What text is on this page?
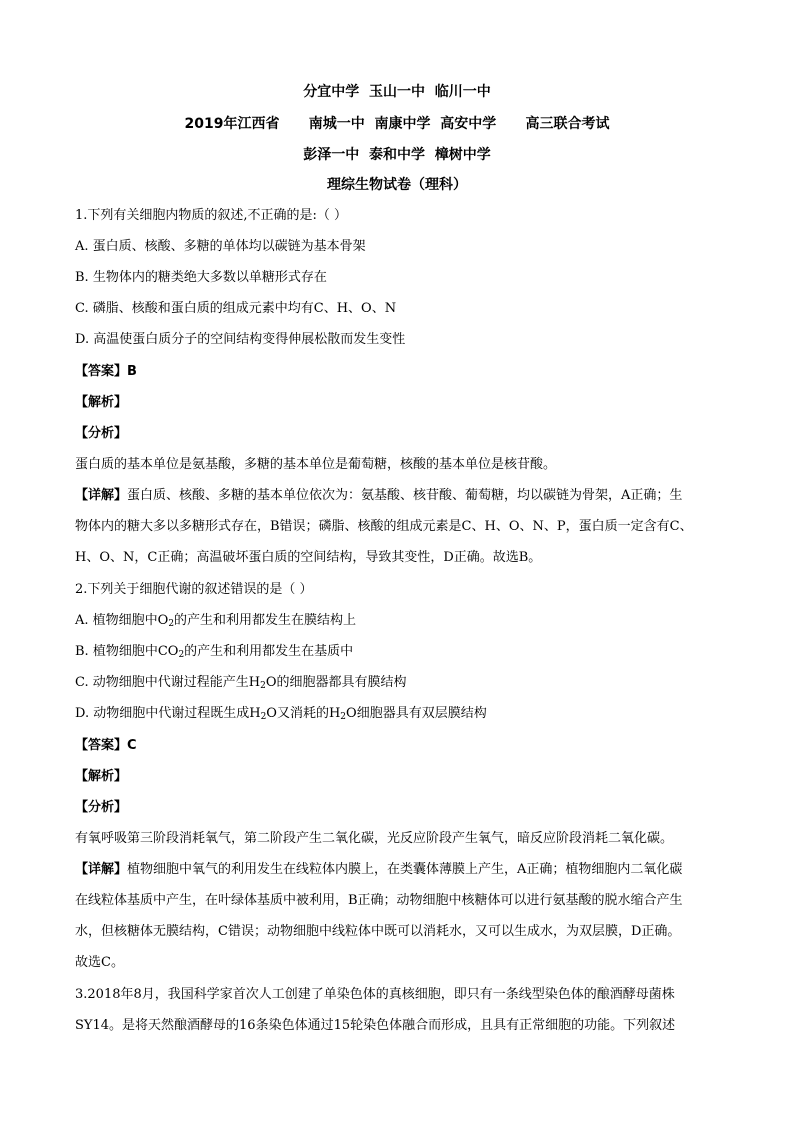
分宜中学  玉山一中  临川一中
2019年江西省 南城一中  南康中学  高安中学 高三联合考试
彭泽一中  泰和中学  樟树中学
理综生物试卷（理科）
1.下列有关细胞内物质的叙述,不正确的是:（ ）
A. 蛋白质、核酸、多糖的单体均以碳链为基本骨架
B. 生物体内的糖类绝大多数以单糖形式存在
C. 磷脂、核酸和蛋白质的组成元素中均有C、H、O、N
D. 高温使蛋白质分子的空间结构变得伸展松散而发生变性
【答案】B
【解析】
【分析】
蛋白质的基本单位是氨基酸，多糖的基本单位是葡萄糖，核酸的基本单位是核苷酸。
【详解】蛋白质、核酸、多糖的基本单位依次为：氨基酸、核苷酸、葡萄糖，均以碳链为骨架，A正确；生
物体内的糖大多以多糖形式存在，B错误；磷脂、核酸的组成元素是C、H、O、N、P，蛋白质一定含有C、
H、O、N，C正确；高温破坏蛋白质的空间结构，导致其变性，D正确。故选B。
2.下列关于细胞代谢的叙述错误的是（ ）
A. 植物细胞中$O_2$的产生和利用都发生在膜结构上
B. 植物细胞中$CO_2$的产生和利用都发生在基质中
C. 动物细胞中代谢过程能产生$H_2O$的细胞器都具有膜结构
D. 动物细胞中代谢过程既生成$H_2O$又消耗的$H_2O$细胞器具有双层膜结构
【答案】C
【解析】
【分析】
有氧呼吸第三阶段消耗氧气，第二阶段产生二氧化碳，光反应阶段产生氧气，暗反应阶段消耗二氧化碳。
【详解】植物细胞中氧气的利用发生在线粒体内膜上，在类囊体薄膜上产生，A正确；植物细胞内二氧化碳
在线粒体基质中产生，在叶绿体基质中被利用，B正确；动物细胞中核糖体可以进行氨基酸的脱水缩合产生
水，但核糖体无膜结构，C错误；动物细胞中线粒体中既可以消耗水，又可以生成水，为双层膜，D正确。
故选C。
3.2018年8月，我国科学家首次人工创建了单染色体的真核细胞，即只有一条线型染色体的酿酒酵母菌株
SY14。是将天然酿酒酵母的16条染色体通过15轮染色体融合而形成，且具有正常细胞的功能。下列叙述
